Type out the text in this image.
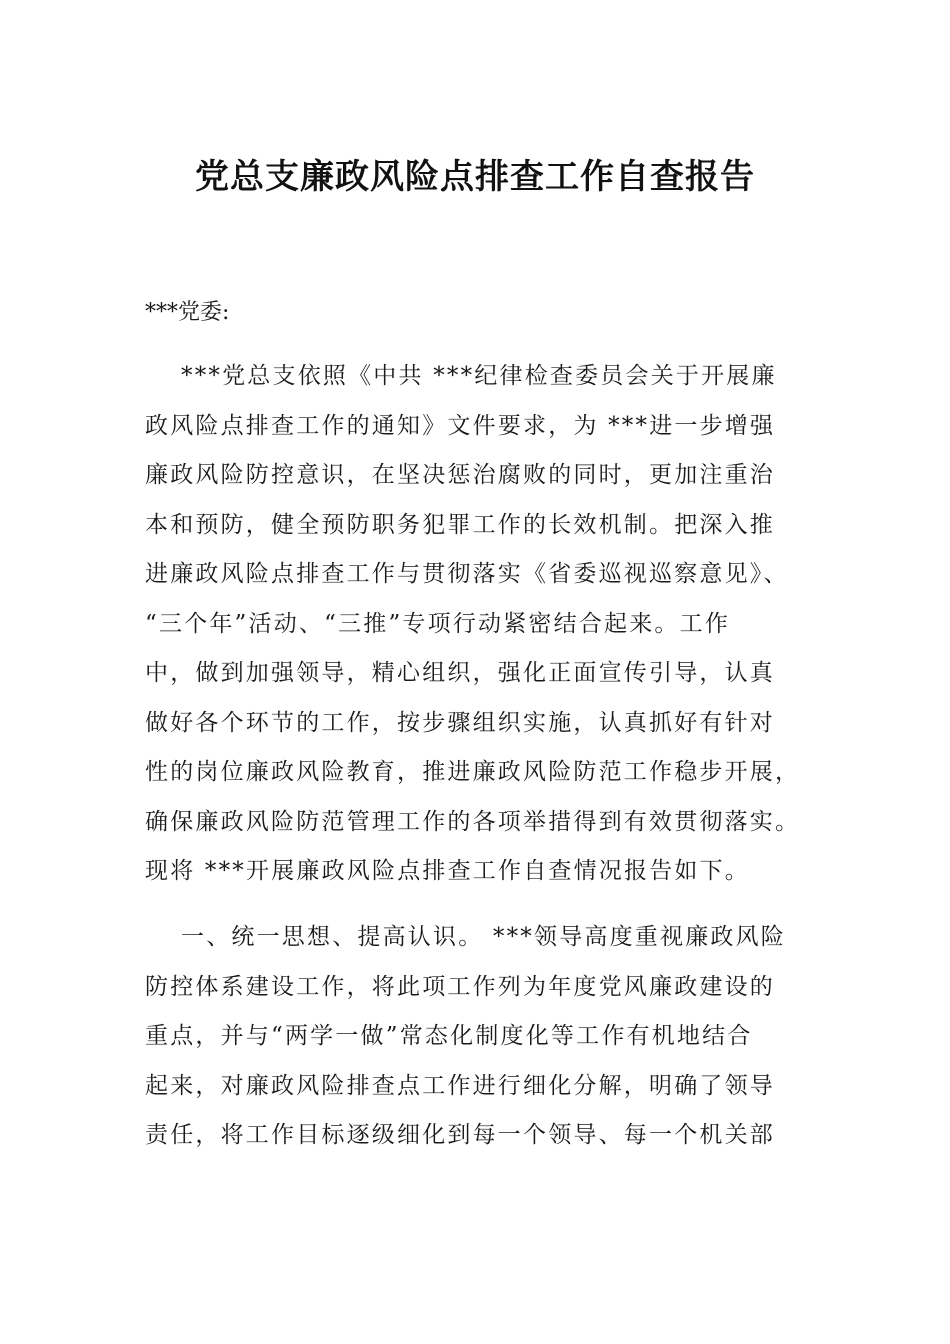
党总支廉政风险点排查工作自查报告

***党委:

***党总支依照《中共 ***纪律检查委员会关于开展廉
政风险点排查工作的通知》文件要求，为 ***进一步增强
廉政风险防控意识，在坚决惩治腐败的同时，更加注重治
本和预防，健全预防职务犯罪工作的长效机制。把深入推
进廉政风险点排查工作与贯彻落实《省委巡视巡察意见》、
“三个年”活动、“三推”专项行动紧密结合起来。工作
中，做到加强领导，精心组织，强化正面宣传引导，认真
做好各个环节的工作，按步骤组织实施，认真抓好有针对
性的岗位廉政风险教育，推进廉政风险防范工作稳步开展，
确保廉政风险防范管理工作的各项举措得到有效贯彻落实。
现将 ***开展廉政风险点排查工作自查情况报告如下。
一、统一思想、提高认识。 ***领导高度重视廉政风险
防控体系建设工作，将此项工作列为年度党风廉政建设的
重点，并与“两学一做”常态化制度化等工作有机地结合
起来，对廉政风险排查点工作进行细化分解，明确了领导
责任，将工作目标逐级细化到每一个领导、每一个机关部
